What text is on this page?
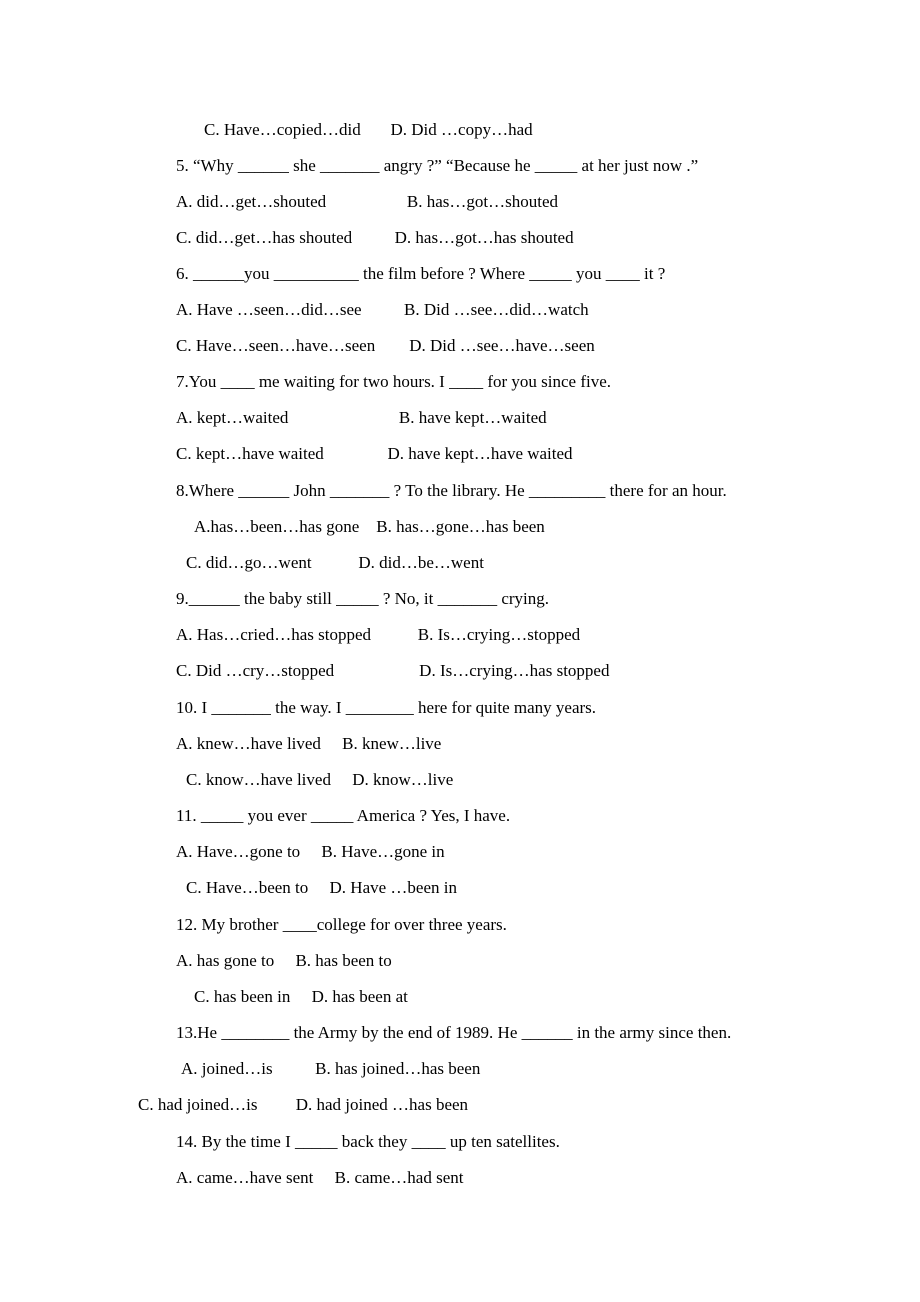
C. Have…copied…did       D. Did …copy…had

5. “Why ______ she _______ angry ?” “Because he _____ at her just now .”

A. did…get…shouted                   B. has…got…shouted

C. did…get…has shouted          D. has…got…has shouted

6. ______you __________ the film before ? Where _____ you ____ it ?

A. Have …seen…did…see          B. Did …see…did…watch

C. Have…seen…have…seen        D. Did …see…have…seen

7.You ____ me waiting for two hours. I ____ for you since five.

A. kept…waited                          B. have kept…waited

C. kept…have waited               D. have kept…have waited

8.Where ______ John _______ ? To the library. He _________ there for an hour.

A.has…been…has gone    B. has…gone…has been

C. did…go…went           D. did…be…went

9.______ the baby still _____ ? No, it _______ crying.

A. Has…cried…has stopped           B. Is…crying…stopped

C. Did …cry…stopped                    D. Is…crying…has stopped

10. I _______ the way. I ________ here for quite many years.

A. knew…have lived     B. knew…live

C. know…have lived     D. know…live

11. _____ you ever _____ America ? Yes, I have.

A. Have…gone to     B. Have…gone in

C. Have…been to     D. Have …been in

12. My brother ____college for over three years.

A. has gone to     B. has been to

C. has been in     D. has been at

13.He ________ the Army by the end of 1989. He ______ in the army since then.

A. joined…is          B. has joined…has been

C. had joined…is         D. had joined …has been

14. By the time I _____ back they ____ up ten satellites.

A. came…have sent     B. came…had sent
